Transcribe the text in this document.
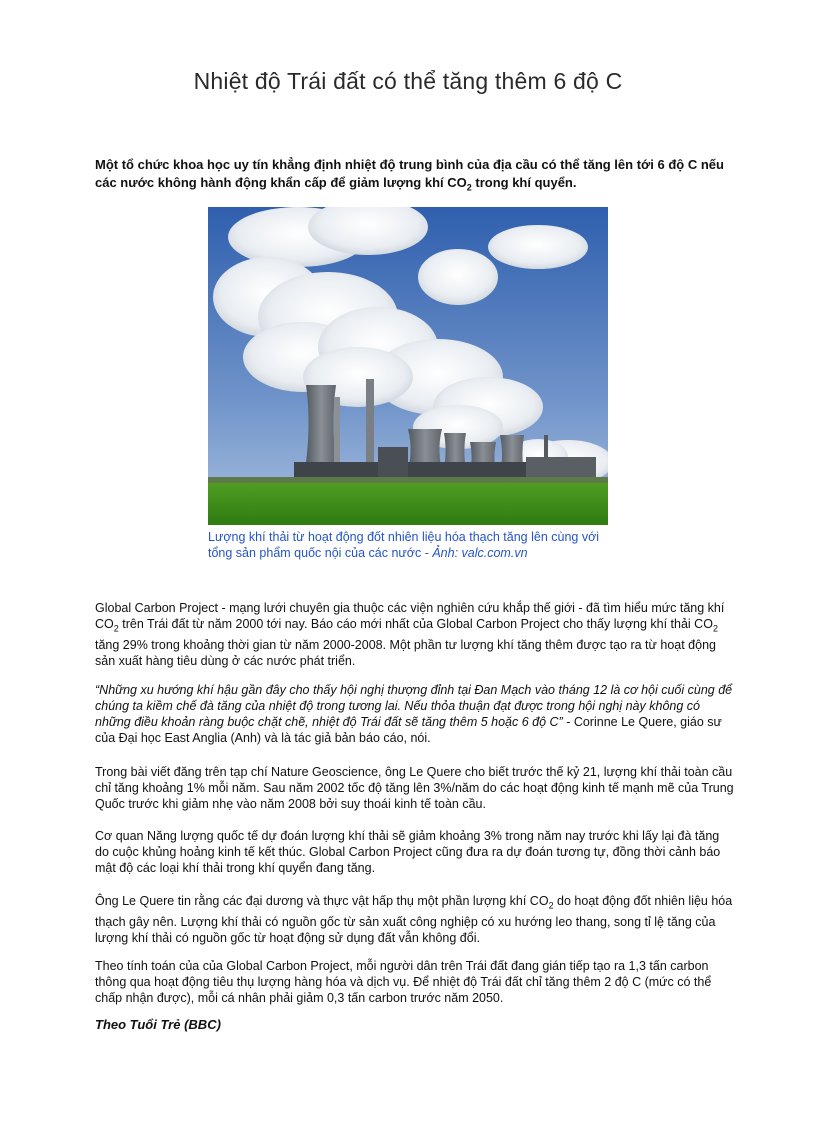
Nhiệt độ Trái đất có thể tăng thêm 6 độ C
Một tổ chức khoa học uy tín khẳng định nhiệt độ trung bình của địa cầu có thể tăng lên tới 6 độ C nếu các nước không hành động khẩn cấp để giảm lượng khí $CO_2$ trong khí quyển.
Lượng khí thải từ hoạt động đốt nhiên liệu hóa thạch tăng lên cùng với tổng sản phẩm quốc nội của các nước - Ảnh: valc.com.vn
Global Carbon Project - mạng lưới chuyên gia thuộc các viện nghiên cứu khắp thế giới - đã tìm hiểu mức tăng khí $CO_2$ trên Trái đất từ năm 2000 tới nay. Báo cáo mới nhất của Global Carbon Project cho thấy lượng khí thải $CO_2$ tăng 29% trong khoảng thời gian từ năm 2000-2008. Một phần tư lượng khí tăng thêm được tạo ra từ hoạt động sản xuất hàng tiêu dùng ở các nước phát triển.
“Những xu hướng khí hậu gần đây cho thấy hội nghị thượng đỉnh tại Đan Mạch vào tháng 12 là cơ hội cuối cùng để chúng ta kiềm chế đà tăng của nhiệt độ trong tương lai. Nếu thỏa thuận đạt được trong hội nghị này không có những điều khoản ràng buộc chặt chẽ, nhiệt độ Trái đất sẽ tăng thêm 5 hoặc 6 độ C” - Corinne Le Quere, giáo sư của Đại học East Anglia (Anh) và là tác giả bản báo cáo, nói.
Trong bài viết đăng trên tạp chí Nature Geoscience, ông Le Quere cho biết trước thế kỷ 21, lượng khí thải toàn cầu chỉ tăng khoảng 1% mỗi năm. Sau năm 2002 tốc độ tăng lên 3%/năm do các hoạt động kinh tế mạnh mẽ của Trung Quốc trước khi giảm nhẹ vào năm 2008 bởi suy thoái kinh tế toàn cầu.
Cơ quan Năng lượng quốc tế dự đoán lượng khí thải sẽ giảm khoảng 3% trong năm nay trước khi lấy lại đà tăng do cuộc khủng hoảng kinh tế kết thúc. Global Carbon Project cũng đưa ra dự đoán tương tự, đồng thời cảnh báo mật độ các loại khí thải trong khí quyển đang tăng.
Ông Le Quere tin rằng các đại dương và thực vật hấp thụ một phần lượng khí $CO_2$ do hoạt động đốt nhiên liệu hóa thạch gây nên. Lượng khí thải có nguồn gốc từ sản xuất công nghiệp có xu hướng leo thang, song tỉ lệ tăng của lượng khí thải có nguồn gốc từ hoạt động sử dụng đất vẫn không đổi.
Theo tính toán của của Global Carbon Project, mỗi người dân trên Trái đất đang gián tiếp tạo ra 1,3 tấn carbon thông qua hoạt động tiêu thụ lượng hàng hóa và dịch vụ. Để nhiệt độ Trái đất chỉ tăng thêm 2 độ C (mức có thể chấp nhận được), mỗi cá nhân phải giảm 0,3 tấn carbon trước năm 2050.
Theo Tuổi Trẻ (BBC)
